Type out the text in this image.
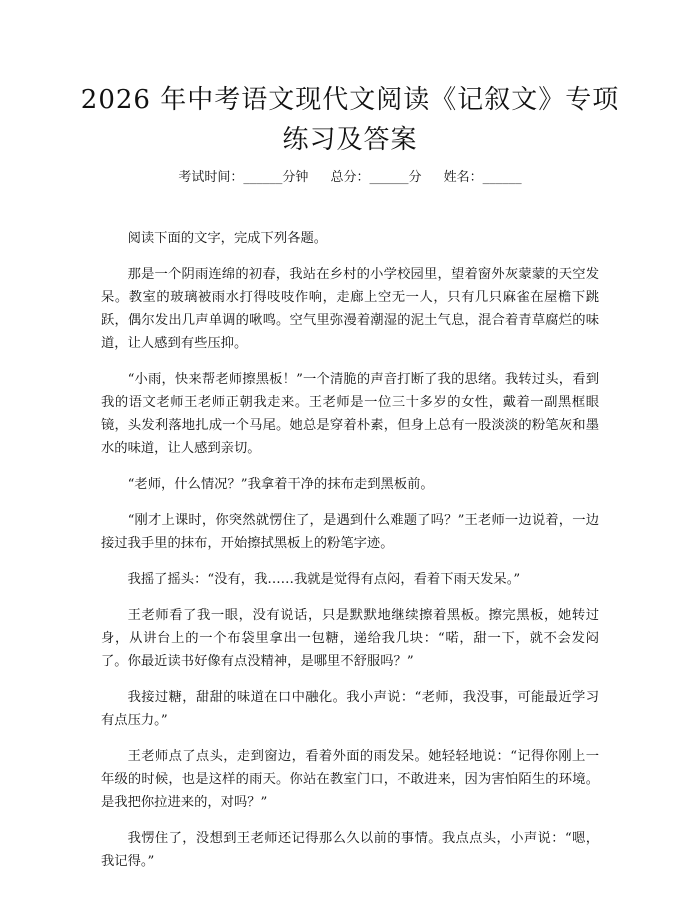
2026 年中考语文现代文阅读《记叙文》专项
练习及答案
考试时间：______分钟 总分：______分 姓名：______

阅读下面的文字，完成下列各题。

那是一个阴雨连绵的初春，我站在乡村的小学校园里，望着窗外灰蒙蒙的天空发呆。教室的玻璃被雨水打得吱吱作响，走廊上空无一人，只有几只麻雀在屋檐下跳跃，偶尔发出几声单调的啾鸣。空气里弥漫着潮湿的泥土气息，混合着青草腐烂的味道，让人感到有些压抑。

“小雨，快来帮老师擦黑板！”一个清脆的声音打断了我的思绪。我转过头，看到我的语文老师王老师正朝我走来。王老师是一位三十多岁的女性，戴着一副黑框眼镜，头发利落地扎成一个马尾。她总是穿着朴素，但身上总有一股淡淡的粉笔灰和墨水的味道，让人感到亲切。

“老师，什么情况？”我拿着干净的抹布走到黑板前。

“刚才上课时，你突然就愣住了，是遇到什么难题了吗？”王老师一边说着，一边接过我手里的抹布，开始擦拭黑板上的粉笔字迹。

我摇了摇头：“没有，我……我就是觉得有点闷，看着下雨天发呆。”

王老师看了我一眼，没有说话，只是默默地继续擦着黑板。擦完黑板，她转过身，从讲台上的一个布袋里拿出一包糖，递给我几块：“喏，甜一下，就不会发闷了。你最近读书好像有点没精神，是哪里不舒服吗？”

我接过糖，甜甜的味道在口中融化。我小声说：“老师，我没事，可能最近学习有点压力。”

王老师点了点头，走到窗边，看着外面的雨发呆。她轻轻地说：“记得你刚上一年级的时候，也是这样的雨天。你站在教室门口，不敢进来，因为害怕陌生的环境。是我把你拉进来的，对吗？”

我愣住了，没想到王老师还记得那么久以前的事情。我点点头，小声说：“嗯，我记得。”
